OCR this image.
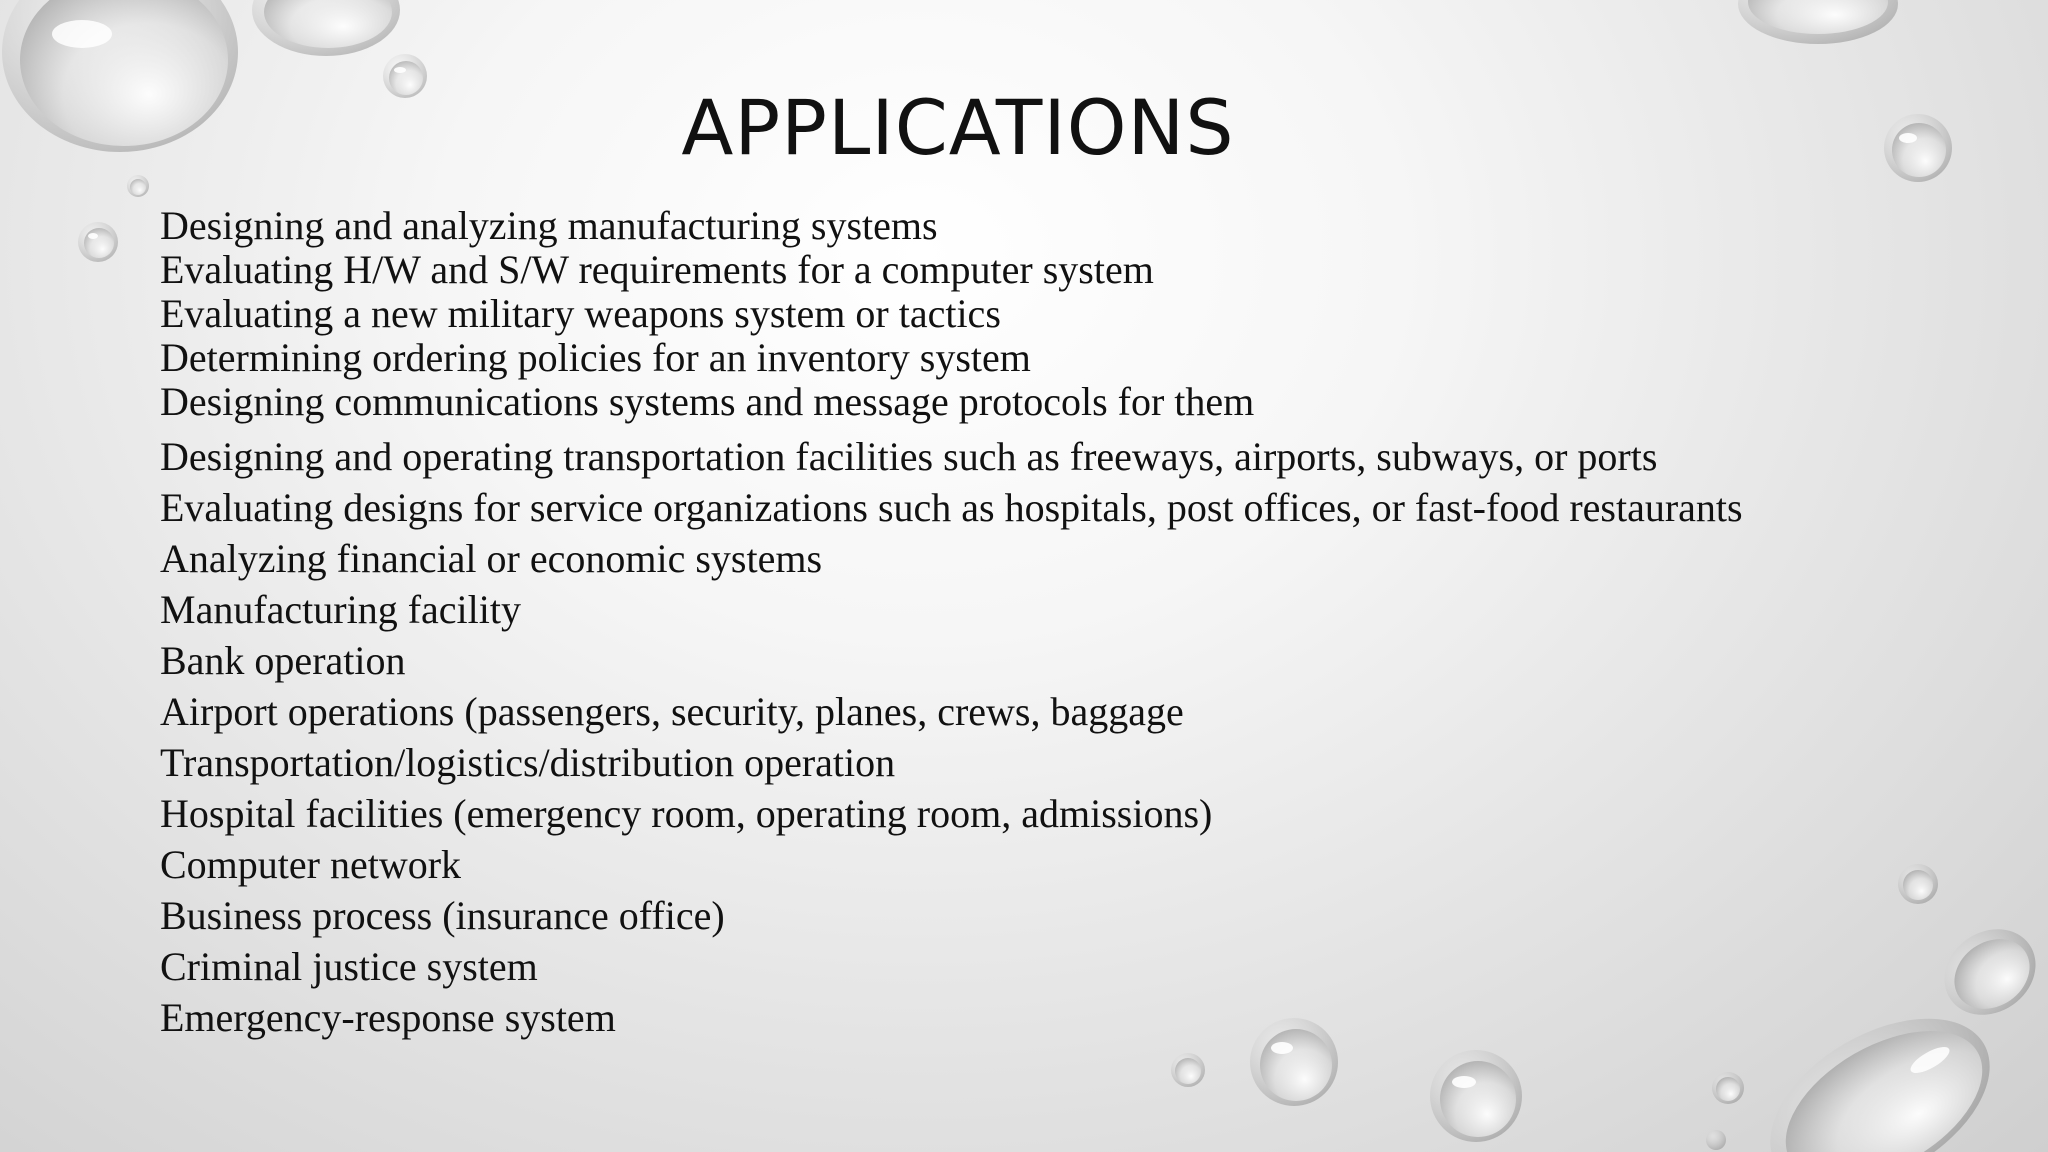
APPLICATIONS
Designing and analyzing manufacturing systems
Evaluating H/W and S/W requirements for a computer system
Evaluating a new military weapons system or tactics
Determining ordering policies for an inventory system
Designing communications systems and message protocols for them
Designing and operating transportation facilities such as freeways, airports, subways, or ports
Evaluating designs for service organizations such as hospitals, post offices, or fast-food restaurants
Analyzing financial or economic systems
Manufacturing facility
Bank operation
Airport operations (passengers, security, planes, crews, baggage
Transportation/logistics/distribution operation
Hospital facilities (emergency room, operating room, admissions)
Computer network
Business process (insurance office)
Criminal justice system
Emergency-response system
